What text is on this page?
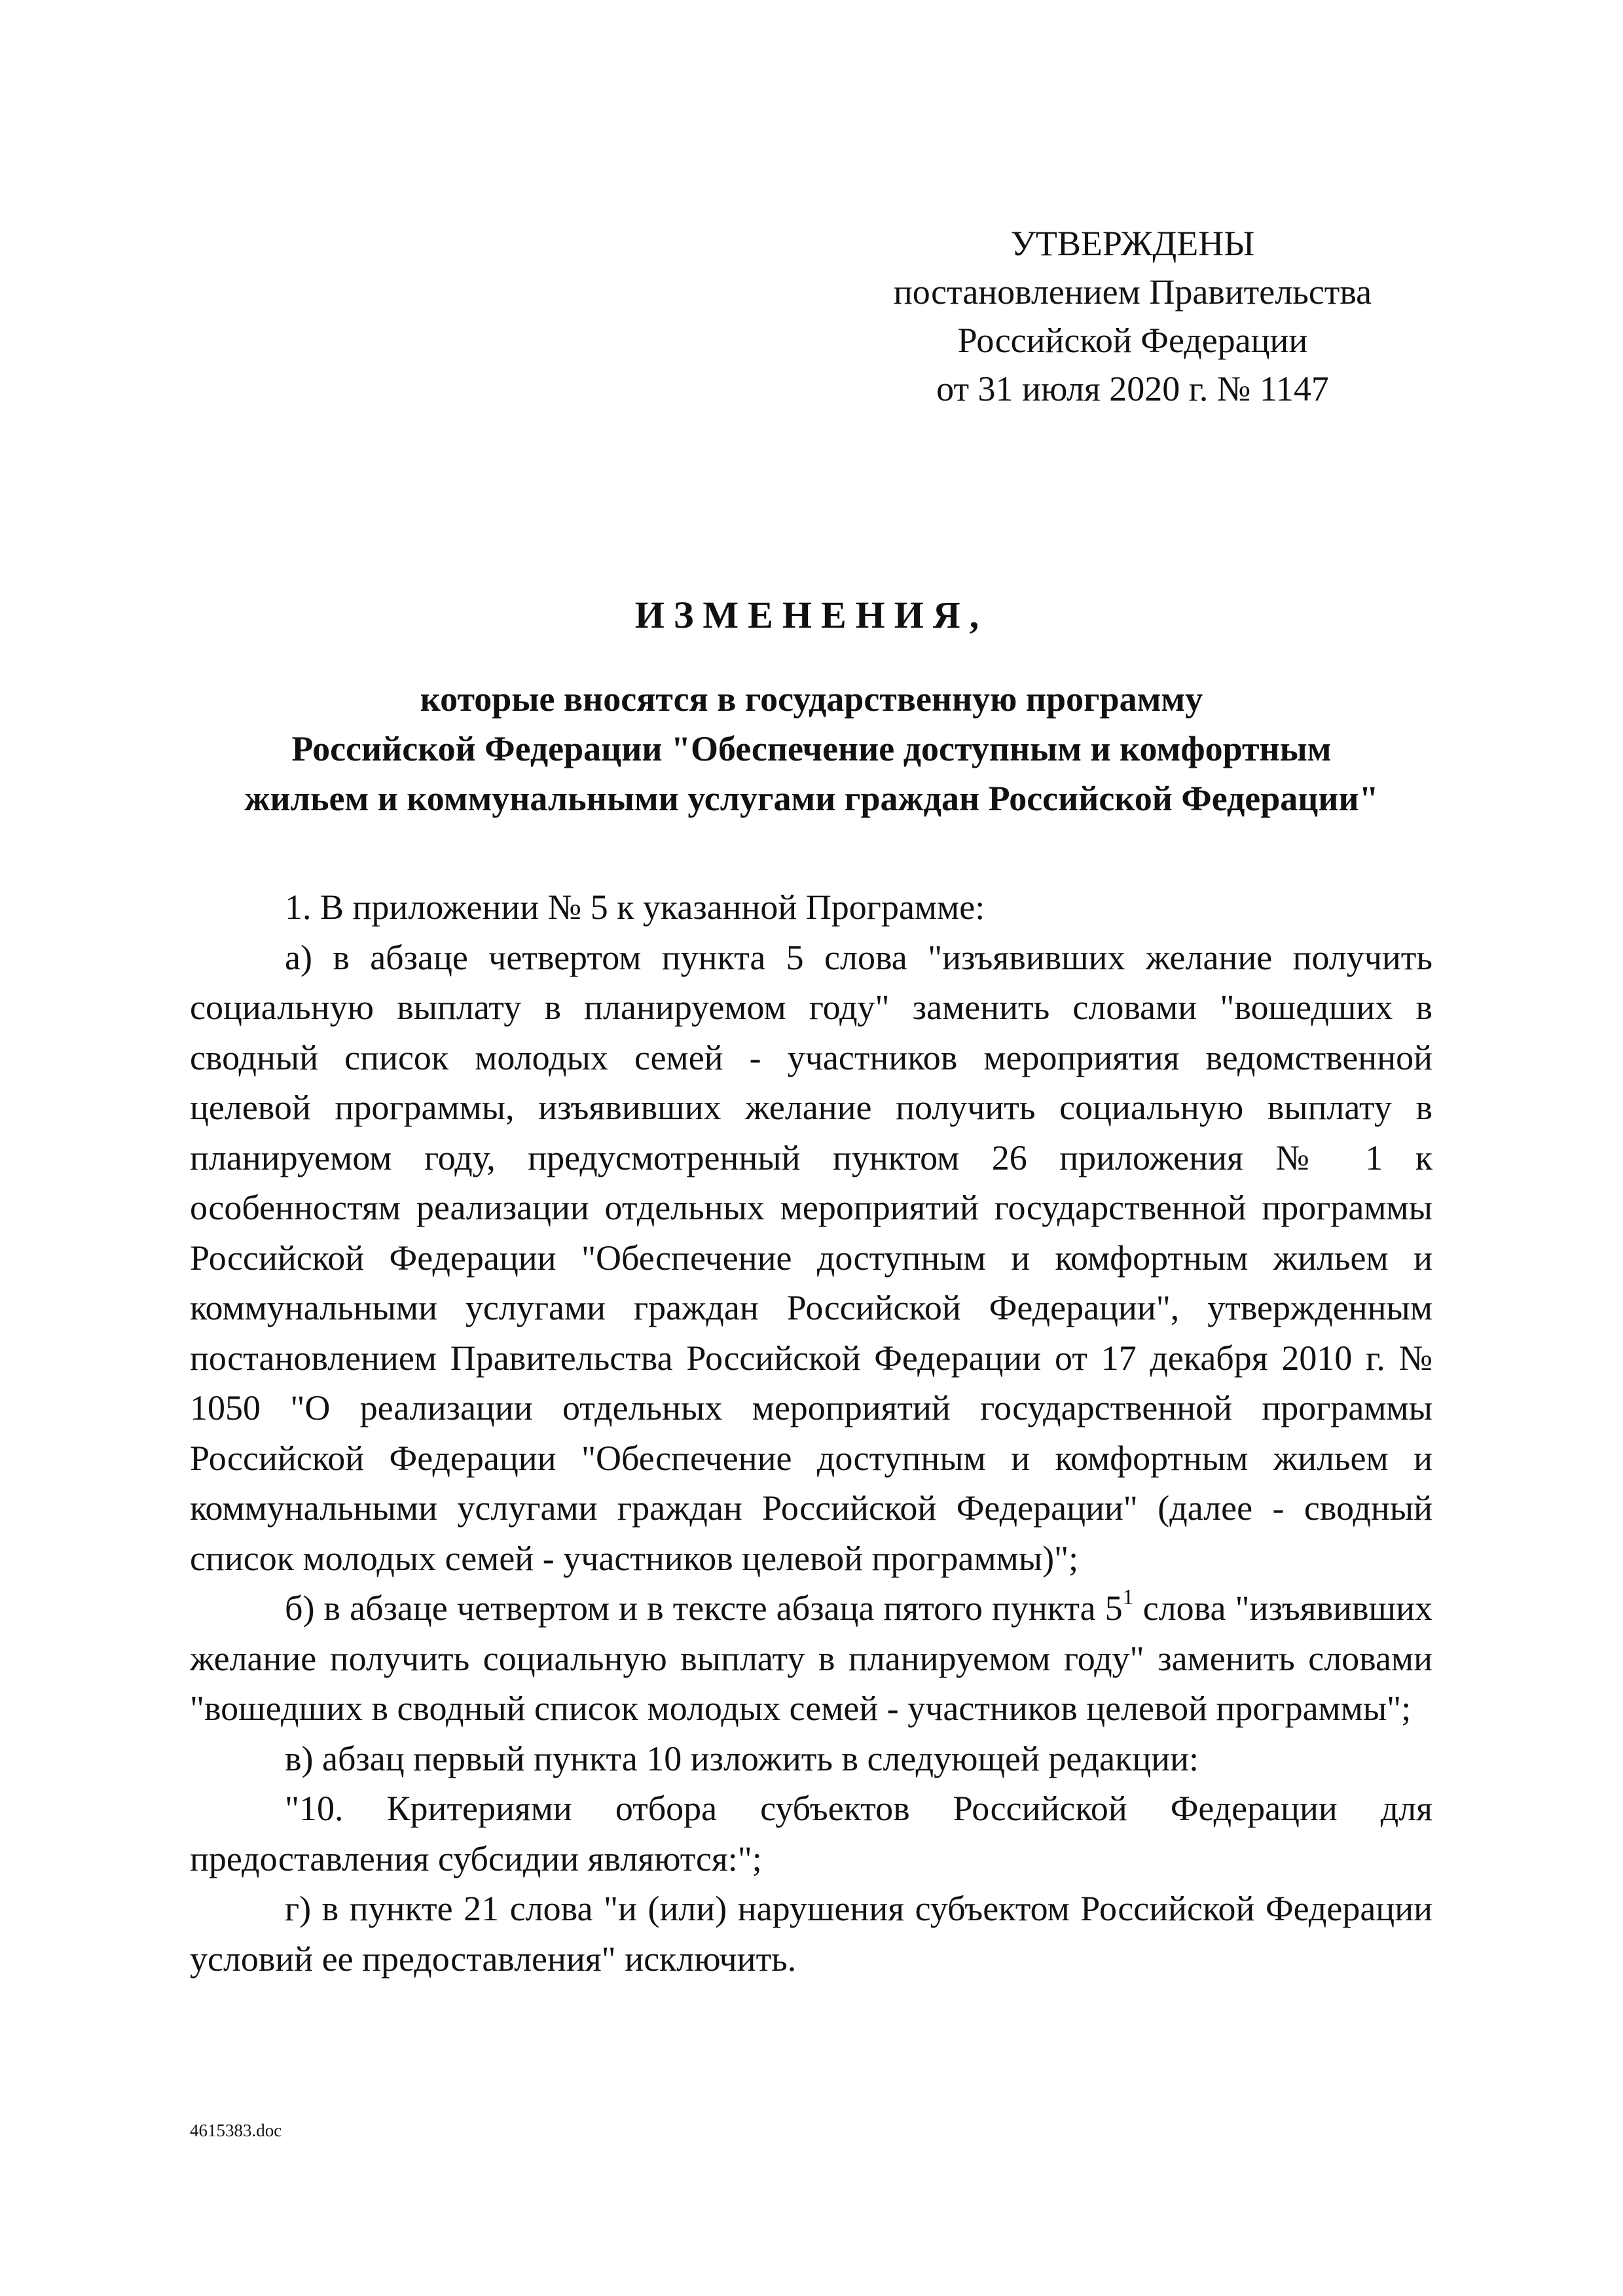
УТВЕРЖДЕНЫ
постановлением Правительства
Российской Федерации
от 31 июля 2020 г. № 1147
ИЗМЕНЕНИЯ,
которые вносятся в государственную программу
Российской Федерации "Обеспечение доступным и комфортным
жильем и коммунальными услугами граждан Российской Федерации"

1. В приложении № 5 к указанной Программе:

а) в абзаце четвертом пункта 5 слова "изъявивших желание получить социальную выплату в планируемом году" заменить словами "вошедших в сводный список молодых семей - участников мероприятия ведомственной целевой программы, изъявивших желание получить социальную выплату в планируемом году, предусмотренный пунктом 26 приложения № 1 к особенностям реализации отдельных мероприятий государственной программы Российской Федерации "Обеспечение доступным и комфортным жильем и коммунальными услугами граждан Российской Федерации", утвержденным постановлением Правительства Российской Федерации от 17 декабря 2010 г. № 1050 "О реализации отдельных мероприятий государственной программы Российской Федерации "Обеспечение доступным и комфортным жильем и коммунальными услугами граждан Российской Федерации" (далее - сводный список молодых семей - участников целевой программы)";

б) в абзаце четвертом и в тексте абзаца пятого пункта $5^1$ слова "изъявивших желание получить социальную выплату в планируемом году" заменить словами "вошедших в сводный список молодых семей - участников целевой программы";

в) абзац первый пункта 10 изложить в следующей редакции:

"10. Критериями отбора субъектов Российской Федерации для предоставления субсидии являются:";

г) в пункте 21 слова "и (или) нарушения субъектом Российской Федерации условий ее предоставления" исключить.

4615383.doc
